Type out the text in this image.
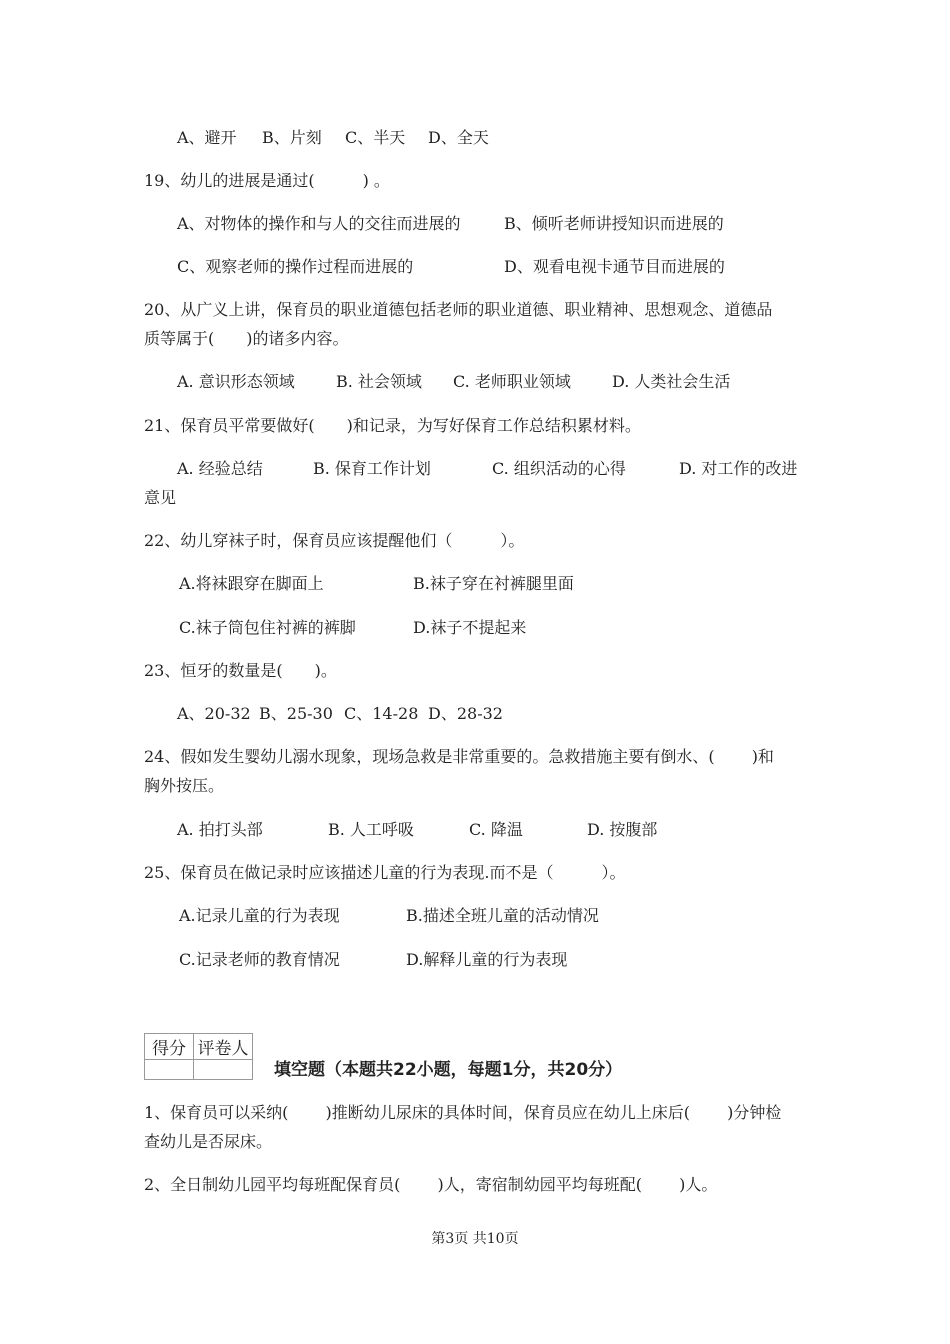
A、避开 B、片刻 C、半天 D、全天
19、幼儿的进展是通过(　　　) 。
A、对物体的操作和与人的交往而进展的	B、倾听老师讲授知识而进展的
C、观察老师的操作过程而进展的	D、观看电视卡通节目而进展的
20、从广义上讲，保育员的职业道德包括老师的职业道德、职业精神、思想观念、道德品
质等属于(　　)的诸多内容。
A. 意识形态领域	B. 社会领域 C. 老师职业领域	D. 人类社会生活
21、保育员平常要做好(　　)和记录，为写好保育工作总结积累材料。
A. 经验总结	B. 保育工作计划	C. 组织活动的心得	D. 对工作的改进
意见
22、幼儿穿袜子时，保育员应该提醒他们（　　　）。
A.将袜跟穿在脚面上	B.袜子穿在衬裤腿里面
C.袜子筒包住衬裤的裤脚	D.袜子不提起来
23、恒牙的数量是(　　)。
A、20-32 B、25-30 C、14-28 D、28-32
24、假如发生婴幼儿溺水现象，现场急救是非常重要的。急救措施主要有倒水、(　　 )和
胸外按压。
A. 拍打头部	B. 人工呼吸	C. 降温	D. 按腹部
25、保育员在做记录时应该描述儿童的行为表现.而不是（　　　）。
A.记录儿童的行为表现	B.描述全班儿童的活动情况
C.记录老师的教育情况	D.解释儿童的行为表现
得分	评卷人

填空题（本题共22小题，每题1分，共20分）
1、保育员可以采纳(　　 )推断幼儿尿床的具体时间，保育员应在幼儿上床后(　　 )分钟检
查幼儿是否尿床。
2、全日制幼儿园平均每班配保育员(　　 )人，寄宿制幼园平均每班配(　　 )人。
第3页 共10页
